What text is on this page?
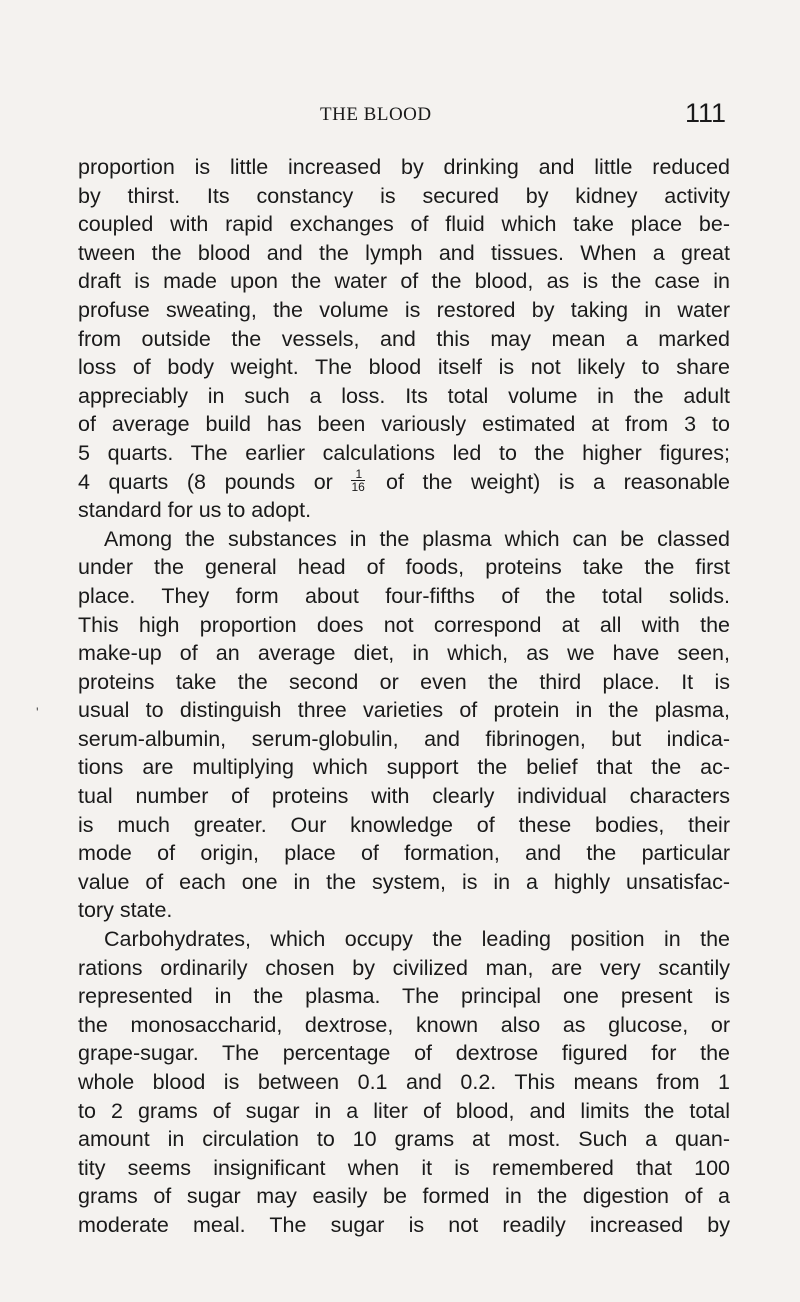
THE BLOOD	111
'
proportion is little increased by drinking and little reduced
by thirst. Its constancy is secured by kidney activity
coupled with rapid exchanges of fluid which take place be-
tween the blood and the lymph and tissues. When a great
draft is made upon the water of the blood, as is the case in
profuse sweating, the volume is restored by taking in water
from outside the vessels, and this may mean a marked
loss of body weight. The blood itself is not likely to share
appreciably in such a loss. Its total volume in the adult
of average build has been variously estimated at from 3 to
5 quarts. The earlier calculations led to the higher figures;
4 quarts (8 pounds or $\frac{1}{16}$ of the weight) is a reasonable
standard for us to adopt.
Among the substances in the plasma which can be classed
under the general head of foods, proteins take the first
place. They form about four-fifths of the total solids.
This high proportion does not correspond at all with the
make-up of an average diet, in which, as we have seen,
proteins take the second or even the third place. It is
usual to distinguish three varieties of protein in the plasma,
serum-albumin, serum-globulin, and fibrinogen, but indica-
tions are multiplying which support the belief that the ac-
tual number of proteins with clearly individual characters
is much greater. Our knowledge of these bodies, their
mode of origin, place of formation, and the particular
value of each one in the system, is in a highly unsatisfac-
tory state.
Carbohydrates, which occupy the leading position in the
rations ordinarily chosen by civilized man, are very scantily
represented in the plasma. The principal one present is
the monosaccharid, dextrose, known also as glucose, or
grape-sugar. The percentage of dextrose figured for the
whole blood is between 0.1 and 0.2. This means from 1
to 2 grams of sugar in a liter of blood, and limits the total
amount in circulation to 10 grams at most. Such a quan-
tity seems insignificant when it is remembered that 100
grams of sugar may easily be formed in the digestion of a
moderate meal. The sugar is not readily increased by
